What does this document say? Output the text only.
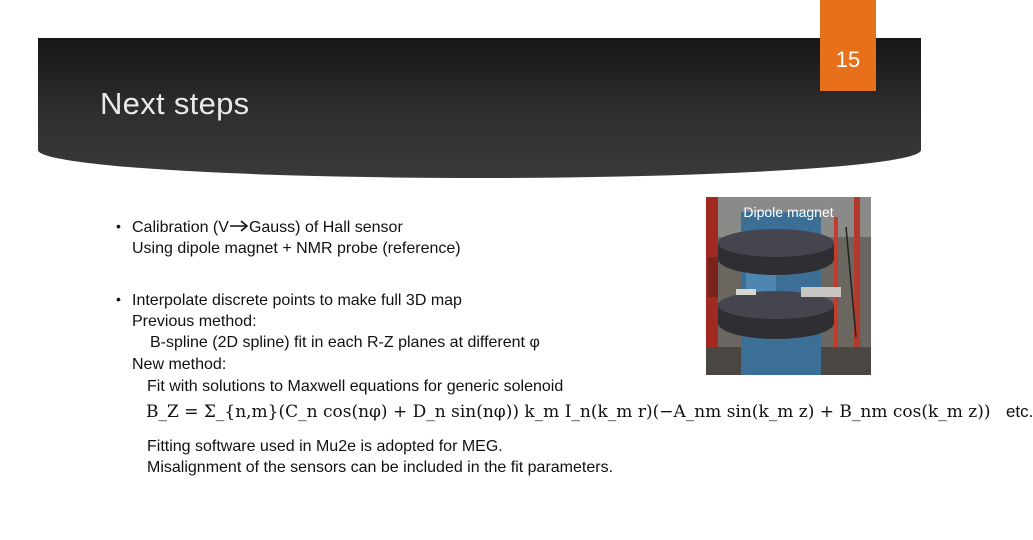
Next steps
15
• Calibration (V Gauss) of Hall sensor
Using dipole magnet + NMR probe (reference)
• Interpolate discrete points to make full 3D map
Previous method:
B-spline (2D spline) fit in each R-Z planes at different φ
New method:
Fit with solutions to Maxwell equations for generic solenoid
B_Z = Σ_{n,m}(C_n cos(nφ) + D_n sin(nφ)) k_m I_n(k_m r)(−A_nm sin(k_m z) + B_nm cos(k_m z)) etc.
Fitting software used in Mu2e is adopted for MEG.
Misalignment of the sensors can be included in the fit parameters.
Dipole magnet
